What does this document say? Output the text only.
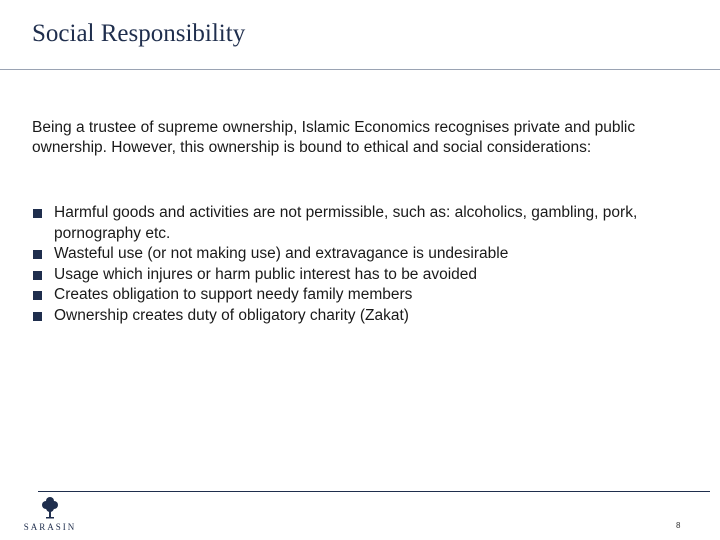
Social Responsibility

Being a trustee of supreme ownership, Islamic Economics recognises private and public ownership. However, this ownership is bound to ethical and social considerations:

Harmful goods and activities are not permissible, such as: alcoholics, gambling, pork, pornography etc.
Wasteful use (or not making use) and extravagance is undesirable
Usage which injures or harm public interest has to be avoided
Creates obligation to support needy family members
Ownership creates duty of obligatory charity (Zakat)
SARASIN	8
